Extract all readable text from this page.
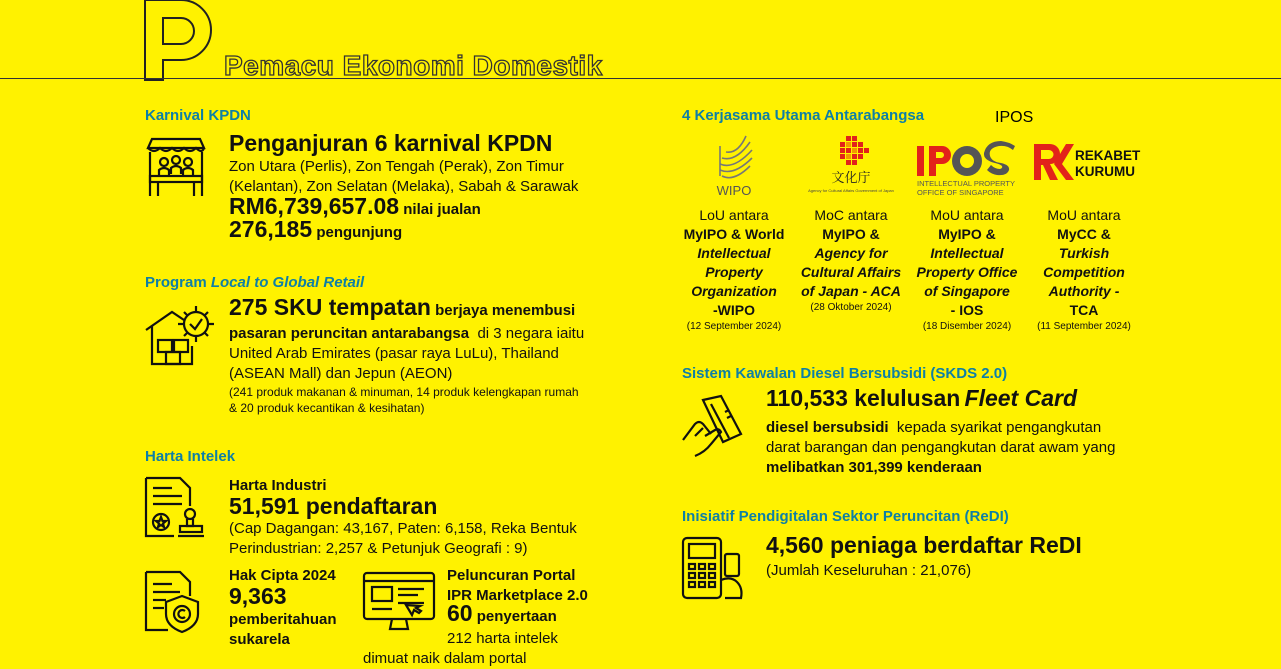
Pemacu Ekonomi Domestik
Karnival KPDN
Penganjuran 6 karnival KPDN
Zon Utara (Perlis), Zon Tengah (Perak), Zon Timur
(Kelantan), Zon Selatan (Melaka), Sabah & Sarawak
RM6,739,657.08 nilai jualan
276,185 pengunjung
Program Local to Global Retail
275 SKU tempatan berjaya menembusi
pasaran peruncitan antarabangsa di 3 negara iaitu
United Arab Emirates (pasar raya LuLu), Thailand
(ASEAN Mall) dan Jepun (AEON)
(241 produk makanan & minuman, 14 produk kelengkapan rumah
& 20 produk kecantikan & kesihatan)
Harta Intelek
Harta Industri
51,591 pendaftaran
(Cap Dagangan: 43,167, Paten: 6,158, Reka Bentuk
Perindustrian: 2,257 & Petunjuk Geografi : 9)
Hak Cipta 2024
9,363
pemberitahuan
sukarela
Peluncuran Portal
IPR Marketplace 2.0
60 penyertaan
212 harta intelek
dimuat naik dalam portal
4 Kerjasama Utama Antarabangsa
WIPO
文化庁
Agency for Cultural Affairs Government of Japan
INTELLECTUAL PROPERTY
OFFICE OF SINGAPORE
IPOS
REKABET
KURUMU
LoU antara
MyIPO & World
Intellectual
Property
Organization
-WIPO
(12 September 2024)
MoC antara
MyIPO &
Agency for
Cultural Affairs
of Japan - ACA
(28 Oktober 2024)
MoU antara
MyIPO &
Intellectual
Property Office
of Singapore
- IOS
(18 Disember 2024)
MoU antara
MyCC &
Turkish
Competition
Authority -
TCA
(11 September 2024)
Sistem Kawalan Diesel Bersubsidi (SKDS 2.0)
110,533 kelulusan Fleet Card
diesel bersubsidi kepada syarikat pengangkutan
darat barangan dan pengangkutan darat awam yang
melibatkan 301,399 kenderaan
Inisiatif Pendigitalan Sektor Peruncitan (ReDI)
4,560 peniaga berdaftar ReDI
(Jumlah Keseluruhan : 21,076)
